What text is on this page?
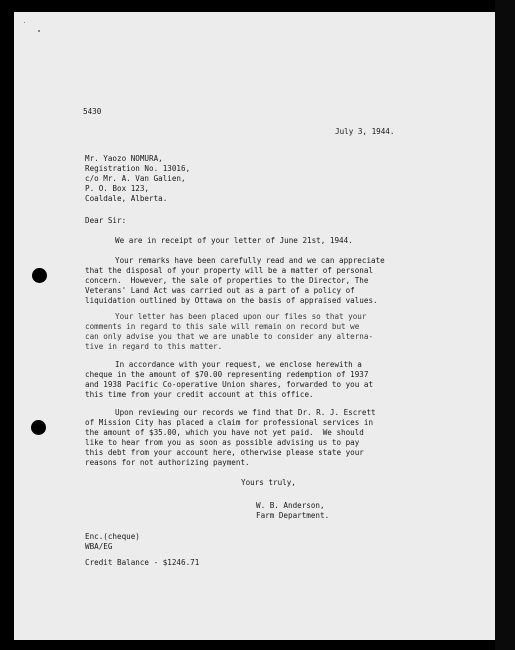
5430

July 3, 1944.

Mr. Yaozo NOMURA,

Registration No. 13016,

c/o Mr. A. Van Galien,

P. O. Box 123,

Coaldale, Alberta.

Dear Sir:

We are in receipt of your letter of June 21st, 1944.

Your remarks have been carefully read and we can appreciate

that the disposal of your property will be a matter of personal

concern.  However, the sale of properties to the Director, The

Veterans' Land Act was carried out as a part of a policy of

liquidation outlined by Ottawa on the basis of appraised values.

Your letter has been placed upon our files so that your

comments in regard to this sale will remain on record but we

can only advise you that we are unable to consider any alterna-

tive in regard to this matter.

In accordance with your request, we enclose herewith a

cheque in the amount of $70.00 representing redemption of 1937

and 1938 Pacific Co-operative Union shares, forwarded to you at

this time from your credit account at this office.

Upon reviewing our records we find that Dr. R. J. Escrett

of Mission City has placed a claim for professional services in

the amount of $35.00, which you have not yet paid.  We should

like to hear from you as soon as possible advising us to pay

this debt from your account here, otherwise please state your

reasons for not authorizing payment.

Yours truly,

W. B. Anderson,

Farm Department.

Enc.(cheque)

WBA/EG

Credit Balance - $1246.71
